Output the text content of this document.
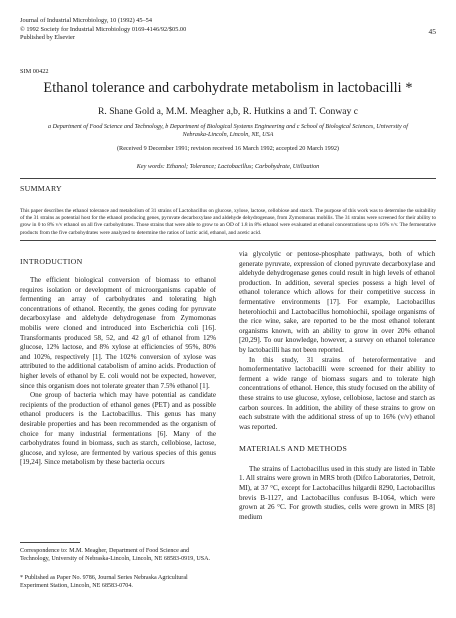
Journal of Industrial Microbiology, 10 (1992) 45–54
© 1992 Society for Industrial Microbiology 0169-4146/92/$05.00
Published by Elsevier
45
SIM 00422
Ethanol tolerance and carbohydrate metabolism in lactobacilli *
R. Shane Gold a, M.M. Meagher a,b, R. Hutkins a and T. Conway c
a Department of Food Science and Technology, b Department of Biological Systems Engineering and c School of Biological Sciences, University of Nebraska-Lincoln, Lincoln, NE, USA
(Received 9 December 1991; revision received 16 March 1992; accepted 20 March 1992)
Key words: Ethanol; Tolerance; Lactobacillus; Carbohydrate, Utilization
SUMMARY
This paper describes the ethanol tolerance and metabolism of 31 strains of Lactobacillus on glucose, xylose, lactose, cellobiose and starch. The purpose of this work was to determine the suitability of the 31 strains as potential host for the ethanol producing genes, pyruvate decarboxylase and aldehyde dehydrogenase, from Zymomonas mobilis. The 31 strains were screened for their ability to grow in 0 to 8% v/v ethanol on all five carbohydrates. Those strains that were able to grow to an OD of 1.8 in 8% ethanol were evaluated at ethanol concentrations up to 16% v/v. The fermentative products from the five carbohydrates were analyzed to determine the ratios of lactic acid, ethanol, and acetic acid.
INTRODUCTION

The efficient biological conversion of biomass to ethanol requires isolation or development of microorganisms capable of fermenting an array of carbohydrates and tolerating high concentrations of ethanol. Recently, the genes coding for pyruvate decarboxylase and aldehyde dehydrogenase from Zymomonas mobilis were cloned and introduced into Escherichia coli [16]. Transformants produced 58, 52, and 42 g/l of ethanol from 12% glucose, 12% lactose, and 8% xylose at efficiencies of 95%, 80% and 102%, respectively [1]. The 102% conversion of xylose was attributed to the additional catabolism of amino acids. Production of higher levels of ethanol by E. coli would not be expected, however, since this organism does not tolerate greater than 7.5% ethanol [1].

One group of bacteria which may have potential as candidate recipients of the production of ethanol genes (PET) and as possible ethanol producers is the Lactobacillus. This genus has many desirable properties and has been recommended as the organism of choice for many industrial fermentations [6]. Many of the carbohydrates found in biomass, such as starch, cellobiose, lactose, glucose, and xylose, are fermented by various species of this genus [19,24]. Since metabolism by these bacteria occurs

via glycolytic or pentose-phosphate pathways, both of which generate pyruvate, expression of cloned pyruvate decarboxylase and aldehyde dehydrogenase genes could result in high levels of ethanol production. In addition, several species possess a high level of ethanol tolerance which allows for their competitive success in fermentative environments [17]. For example, Lactobacillus heterohiochii and Lactobacillus homohiochii, spoilage organisms of the rice wine, sake, are reported to be the most ethanol tolerant organisms known, with an ability to grow in over 20% ethanol [20,29]. To our knowledge, however, a survey on ethanol tolerance by lactobacilli has not been reported.

In this study, 31 strains of heterofermentative and homofermentative lactobacilli were screened for their ability to ferment a wide range of biomass sugars and to tolerate high concentrations of ethanol. Hence, this study focused on the ability of these strains to use glucose, xylose, cellobiose, lactose and starch as carbon sources. In addition, the ability of these strains to grow on each substrate with the additional stress of up to 16% (v/v) ethanol was reported.

MATERIALS AND METHODS

The strains of Lactobacillus used in this study are listed in Table 1. All strains were grown in MRS broth (Difco Laboratories, Detroit, MI), at 37 °C, except for Lactobacillus hilgardii 8290, Lactobacillus brevis B-1127, and Lactobacillus confusus B-1064, which were grown at 26 °C. For growth studies, cells were grown in MRS [8] medium

Correspondence to: M.M. Meagher, Department of Food Science and Technology, University of Nebraska-Lincoln, Lincoln, NE 68583-0919, USA.
* Published as Paper No. 9786, Journal Series Nebraska Agricultural Experiment Station, Lincoln, NE 68583-0704.
